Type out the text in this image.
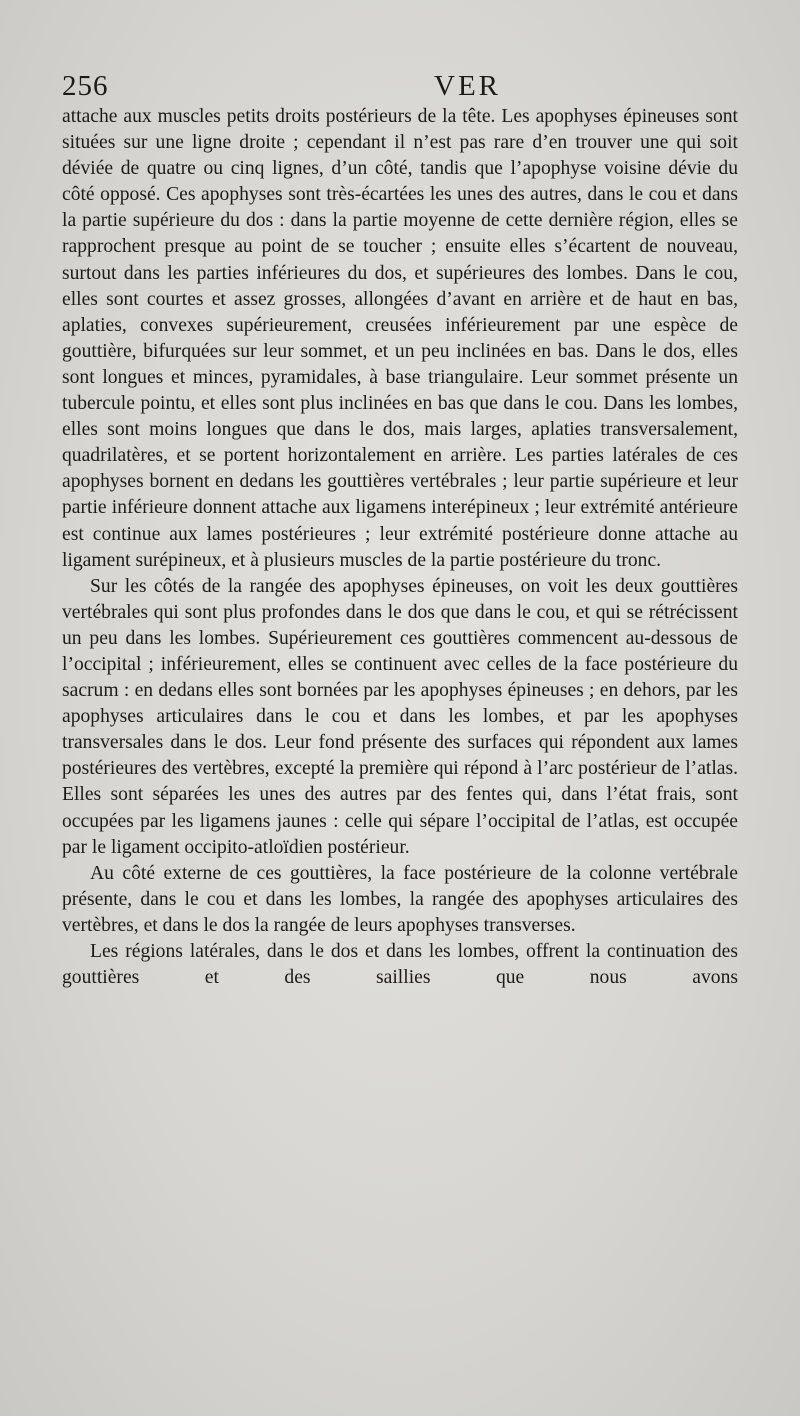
256	VER

attache aux muscles petits droits postérieurs de la tête. Les apophyses épineuses sont situées sur une ligne droite ; cependant il n’est pas rare d’en trouver une qui soit déviée de quatre ou cinq lignes, d’un côté, tandis que l’apophyse voisine dévie du côté opposé. Ces apophyses sont très-écartées les unes des autres, dans le cou et dans la partie supérieure du dos : dans la partie moyenne de cette dernière région, elles se rapprochent presque au point de se toucher ; ensuite elles s’écartent de nouveau, surtout dans les parties inférieures du dos, et supérieures des lombes. Dans le cou, elles sont courtes et assez grosses, allongées d’avant en arrière et de haut en bas, aplaties, convexes supérieurement, creusées inférieurement par une espèce de gouttière, bifurquées sur leur sommet, et un peu inclinées en bas. Dans le dos, elles sont longues et minces, pyramidales, à base triangulaire. Leur sommet présente un tubercule pointu, et elles sont plus inclinées en bas que dans le cou. Dans les lombes, elles sont moins longues que dans le dos, mais larges, aplaties transversalement, quadrilatères, et se portent horizontalement en arrière. Les parties latérales de ces apophyses bornent en dedans les gouttières vertébrales ; leur partie supérieure et leur partie inférieure donnent attache aux ligamens interépineux ; leur extrémité antérieure est continue aux lames postérieures ; leur extrémité postérieure donne attache au ligament surépineux, et à plusieurs muscles de la partie postérieure du tronc.

Sur les côtés de la rangée des apophyses épineuses, on voit les deux gouttières vertébrales qui sont plus profondes dans le dos que dans le cou, et qui se rétrécissent un peu dans les lombes. Supérieurement ces gouttières commencent au-dessous de l’occipital ; inférieurement, elles se continuent avec celles de la face postérieure du sacrum : en dedans elles sont bornées par les apophyses épineuses ; en dehors, par les apophyses articulaires dans le cou et dans les lombes, et par les apophyses transversales dans le dos. Leur fond présente des surfaces qui répondent aux lames postérieures des vertèbres, excepté la première qui répond à l’arc postérieur de l’atlas. Elles sont séparées les unes des autres par des fentes qui, dans l’état frais, sont occupées par les ligamens jaunes : celle qui sépare l’occipital de l’atlas, est occupée par le ligament occipito-atloïdien postérieur.

Au côté externe de ces gouttières, la face postérieure de la colonne vertébrale présente, dans le cou et dans les lombes, la rangée des apophyses articulaires des vertèbres, et dans le dos la rangée de leurs apophyses transverses.

Les régions latérales, dans le dos et dans les lombes, offrent la continuation des gouttières et des saillies que nous avons
